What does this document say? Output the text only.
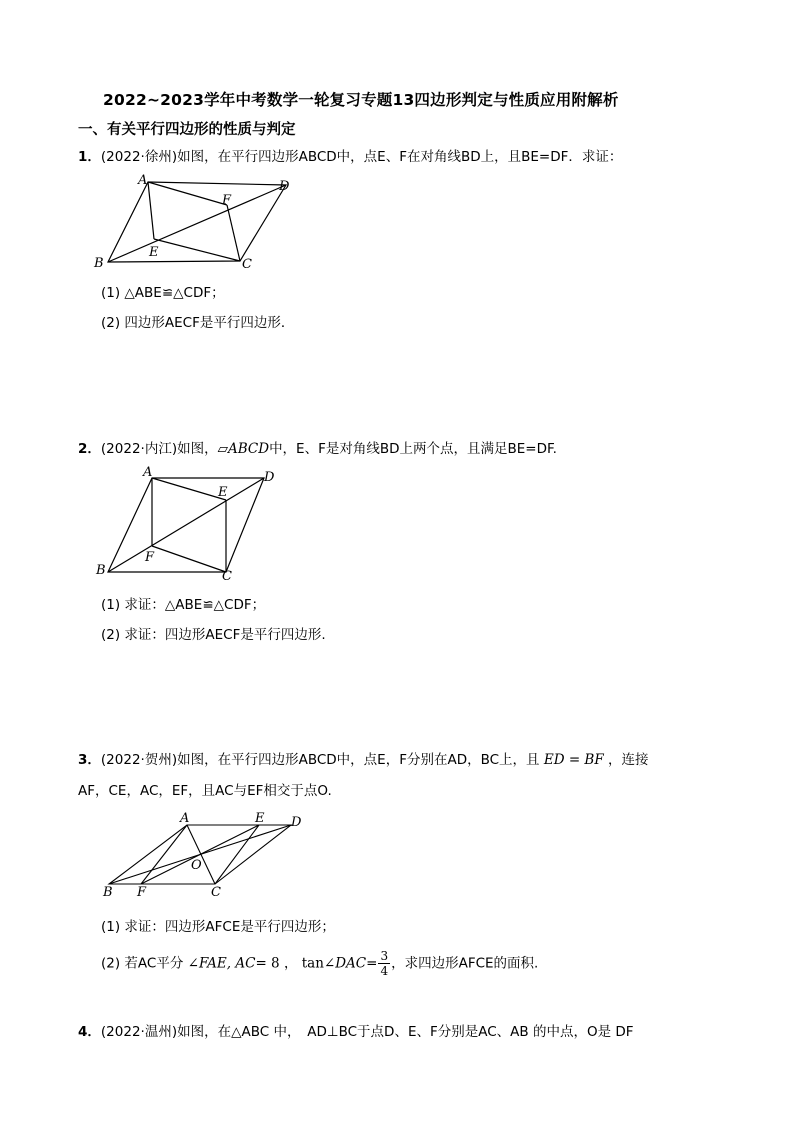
2022~2023学年中考数学一轮复习专题13四边形判定与性质应用附解析
一、有关平行四边形的性质与判定
1．(2022·徐州)如图，在平行四边形ABCD中，点E、F在对角线BD上，且BE=DF．求证：
A
B	C
D
E
F
(1) △ABE≌△CDF；
(2) 四边形AECF是平行四边形．
2．(2022·内江)如图，▱ABCD中，E、F是对角线BD上两个点，且满足BE=DF.
A
B	C
D
E
F
(1) 求证：△ABE≌△CDF；
(2) 求证：四边形AECF是平行四边形.
3．(2022·贺州)如图，在平行四边形ABCD中，点E，F分别在AD，BC上，且 ED = BF ，连接
AF，CE，AC，EF，且AC与EF相交于点O.
A
B	C
D
E
F
O
(1) 求证：四边形AFCE是平行四边形；
(2) 若AC平分 ∠FAE, AC= 8 ， tan∠DAC= $\frac{3}{4}$ ，求四边形AFCE的面积.
4．(2022·温州)如图，在△ABC 中，　AD⊥BC于点D、E、F分别是AC、AB 的中点，O是 DF
